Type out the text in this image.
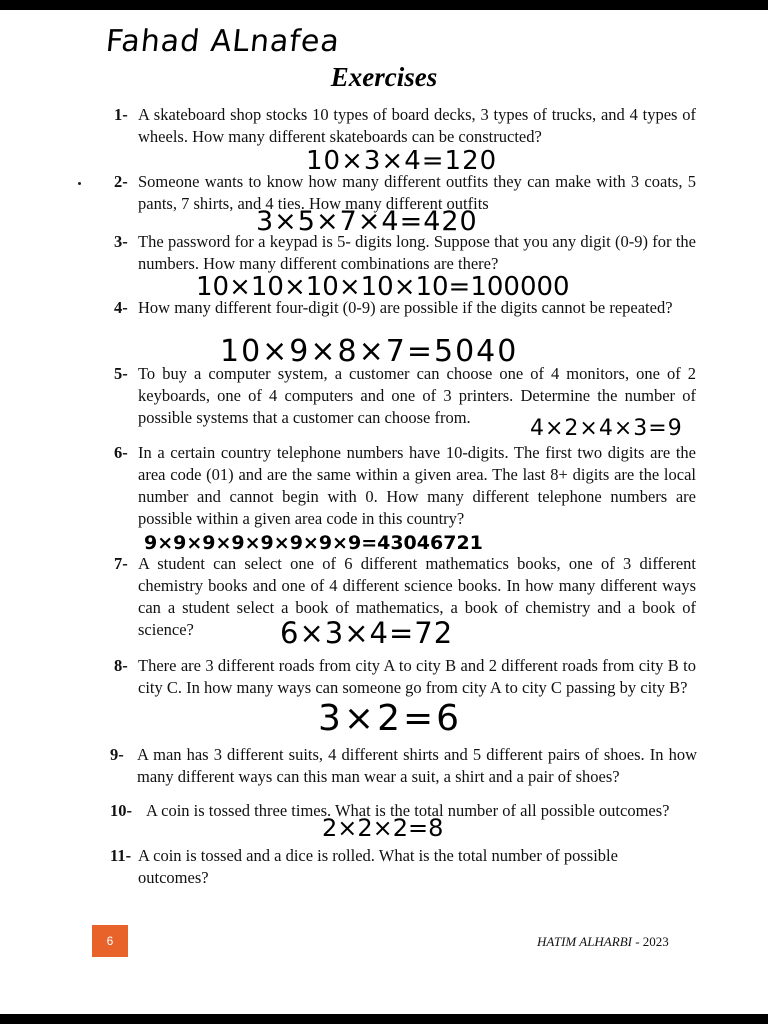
Fahad ALnafea
Exercises
1- A skateboard shop stocks 10 types of board decks, 3 types of trucks, and 4 types of wheels. How many different skateboards can be constructed?
10×3×4=120
2- Someone wants to know how many different outfits they can make with 3 coats, 5 pants, 7 shirts, and 4 ties. How many different outfits
3×5×7×4=420
3- The password for a keypad is 5- digits long. Suppose that you any digit (0-9) for the numbers. How many different combinations are there?
10×10×10×10×10=100000
4- How many different four-digit (0-9) are possible if the digits cannot be repeated?
10×9×8×7=5040
5- To buy a computer system, a customer can choose one of 4 monitors, one of 2 keyboards, one of 4 computers and one of 3 printers. Determine the number of possible systems that a customer can choose from.	4×2×4×3=9
6- In a certain country telephone numbers have 10-digits. The first two digits are the area code (01) and are the same within a given area. The last 8+ digits are the local number and cannot begin with 0. How many different telephone numbers are possible within a given area code in this country?
9×9×9×9×9×9×9×9=43046721
7- A student can select one of 6 different mathematics books, one of 3 different chemistry books and one of 4 different science books. In how many different ways can a student select a book of mathematics, a book of chemistry and a book of science?	6×3×4=72
8- There are 3 different roads from city A to city B and 2 different roads from city B to city C. In how many ways can someone go from city A to city C passing by city B?
3×2=6
9- A man has 3 different suits, 4 different shirts and 5 different pairs of shoes. In how many different ways can this man wear a suit, a shirt and a pair of shoes?
10- A coin is tossed three times. What is the total number of all possible outcomes?
2×2×2=8
11- A coin is tossed and a dice is rolled. What is the total number of possible outcomes?
6	HATIM ALHARBI - 2023
